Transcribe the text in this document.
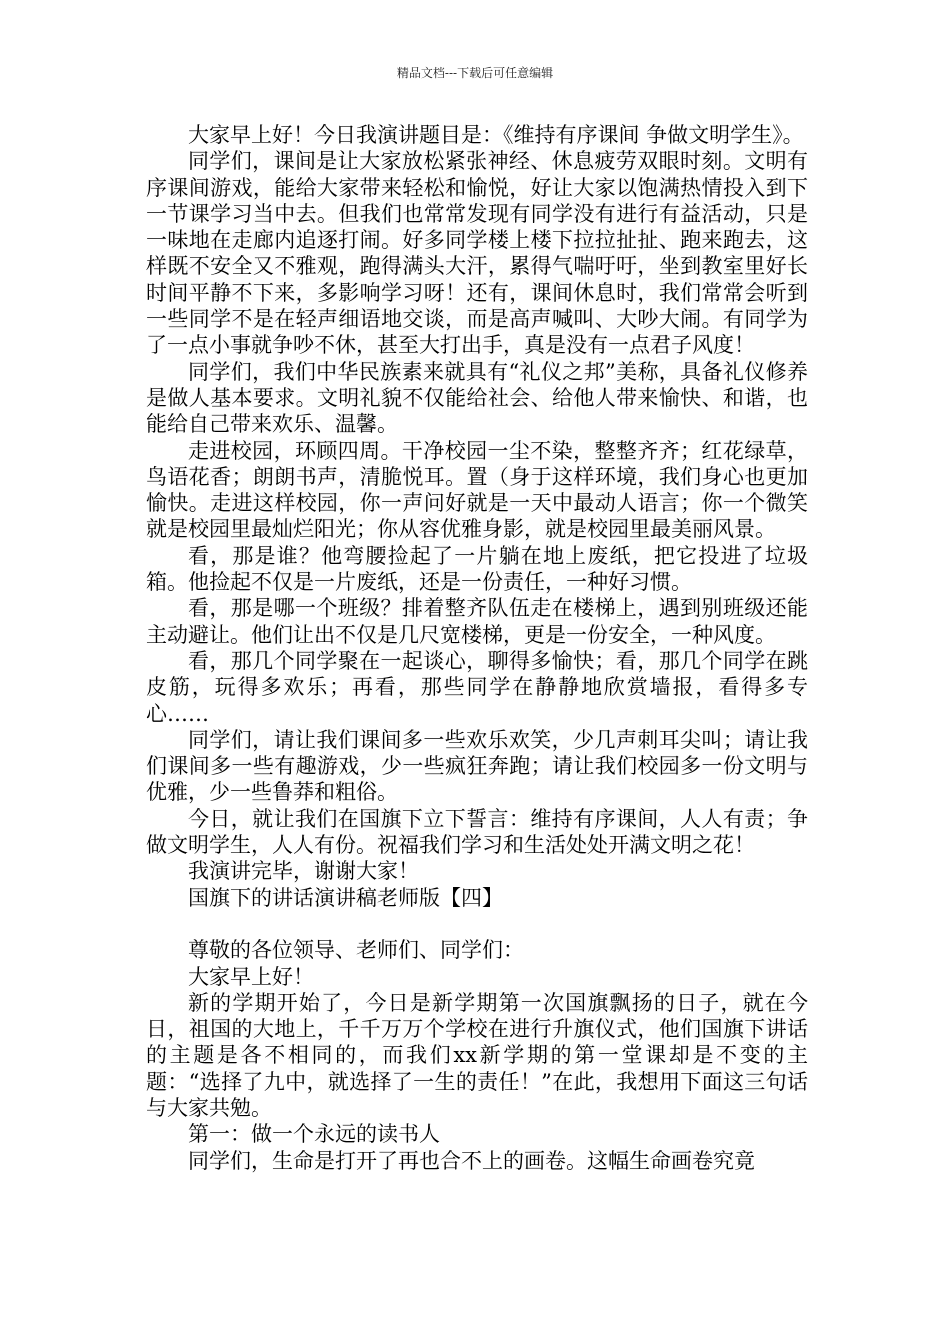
精品文档---下载后可任意编辑

大家早上好！今日我演讲题目是：《维持有序课间 争做文明学生》。

同学们，课间是让大家放松紧张神经、休息疲劳双眼时刻。文明有序课间游戏，能给大家带来轻松和愉悦，好让大家以饱满热情投入到下一节课学习当中去。但我们也常常发现有同学没有进行有益活动，只是一味地在走廊内追逐打闹。好多同学楼上楼下拉拉扯扯、跑来跑去，这样既不安全又不雅观，跑得满头大汗，累得气喘吁吁，坐到教室里好长时间平静不下来，多影响学习呀！还有，课间休息时，我们常常会听到一些同学不是在轻声细语地交谈，而是高声喊叫、大吵大闹。有同学为了一点小事就争吵不休，甚至大打出手，真是没有一点君子风度！

同学们，我们中华民族素来就具有“礼仪之邦”美称，具备礼仪修养是做人基本要求。文明礼貌不仅能给社会、给他人带来愉快、和谐，也能给自己带来欢乐、温馨。

走进校园，环顾四周。干净校园一尘不染，整整齐齐；红花绿草，鸟语花香；朗朗书声，清脆悦耳。置（身于这样环境，我们身心也更加愉快。走进这样校园，你一声问好就是一天中最动人语言；你一个微笑就是校园里最灿烂阳光；你从容优雅身影，就是校园里最美丽风景。

看，那是谁？他弯腰捡起了一片躺在地上废纸，把它投进了垃圾箱。他捡起不仅是一片废纸，还是一份责任，一种好习惯。

看，那是哪一个班级？排着整齐队伍走在楼梯上，遇到别班级还能主动避让。他们让出不仅是几尺宽楼梯，更是一份安全，一种风度。

看，那几个同学聚在一起谈心，聊得多愉快；看，那几个同学在跳皮筋，玩得多欢乐；再看，那些同学在静静地欣赏墙报，看得多专心……

同学们，请让我们课间多一些欢乐欢笑，少几声刺耳尖叫；请让我们课间多一些有趣游戏，少一些疯狂奔跑；请让我们校园多一份文明与优雅，少一些鲁莽和粗俗。

今日，就让我们在国旗下立下誓言：维持有序课间，人人有责；争做文明学生，人人有份。祝福我们学习和生活处处开满文明之花！

我演讲完毕，谢谢大家！

国旗下的讲话演讲稿老师版【四】

尊敬的各位领导、老师们、同学们：

大家早上好！

新的学期开始了，今日是新学期第一次国旗飘扬的日子，就在今日，祖国的大地上，千千万万个学校在进行升旗仪式，他们国旗下讲话的主题是各不相同的，而我们xx新学期的第一堂课却是不变的主题：“选择了九中，就选择了一生的责任！”在此，我想用下面这三句话与大家共勉。

第一：做一个永远的读书人

同学们，生命是打开了再也合不上的画卷。这幅生命画卷究竟
